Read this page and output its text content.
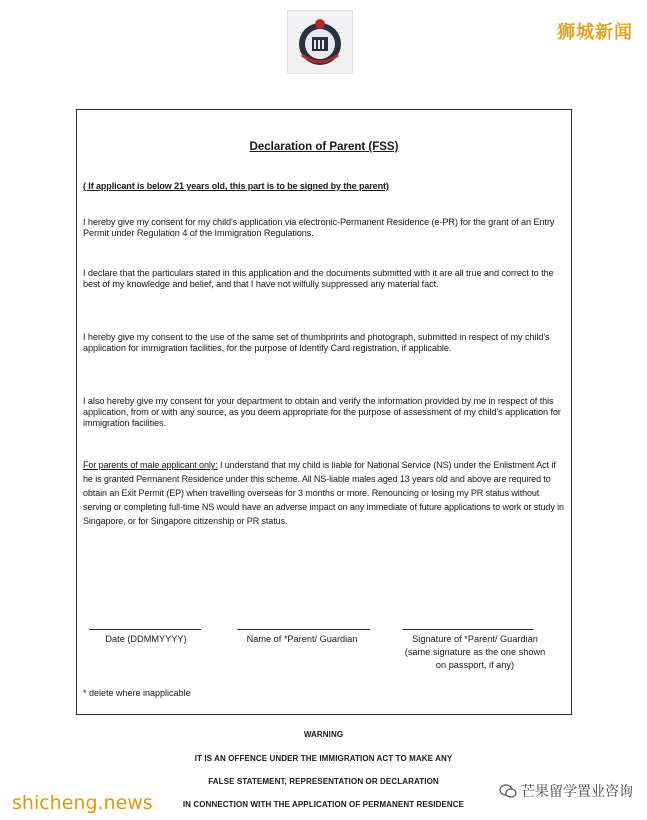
狮城新闻
Declaration of Parent (FSS)
( If applicant is below 21 years old, this part is to be signed by the parent)
I hereby give my consent for my child's application via electronic-Permanent Residence (e-PR) for the grant of an Entry Permit under Regulation 4 of the Immigration Regulations.
I declare that the particulars stated in this application and the documents submitted with it are all true and correct to the best of my knowledge and belief, and that I have not wilfully suppressed any material fact.
I hereby give my consent to the use of the same set of thumbprints and photograph, submitted in respect of my child's application for immigration facilities, for the purpose of Identify Card registration, if applicable.
I also hereby give my consent for your department to obtain and verify the information provided by me in respect of this application, from or with any source, as you deem appropriate for the purpose of assessment of my child's application for immigration facilities.
For parents of male applicant only: I understand that my child is liable for National Service (NS) under the Enlistment Act if he is granted Permanent Residence under this scheme. All NS-liable males aged 13 years old and above are required to obtain an Exit Permit (EP) when travelling overseas for 3 months or more. Renouncing or losing my PR status without serving or completing full-time NS would have an adverse impact on any immediate of future applications to work or study in Singapore, or for Singapore citizenship or PR status.
Date (DDMMYYYY)	Name of *Parent/ Guardian	Signature of *Parent/ Guardian
(same signature as the one shown
on passport, if any)
* delete where inapplicable
WARNING
IT IS AN OFFENCE UNDER THE IMMIGRATION ACT TO MAKE ANY
FALSE STATEMENT, REPRESENTATION OR DECLARATION
IN CONNECTION WITH THE APPLICATION OF PERMANENT RESIDENCE
shicheng.news	芒果留学置业咨询
